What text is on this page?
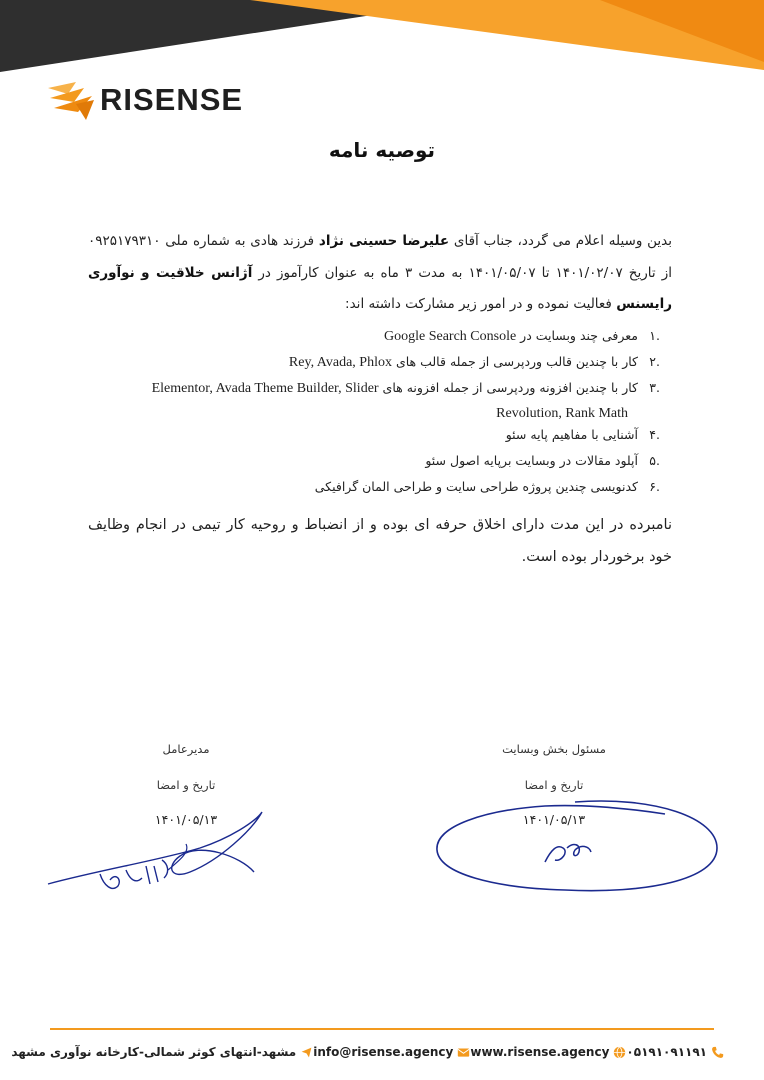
RISENSE
توصیه نامه
بدین وسیله اعلام می گردد، جناب آقای علیرضا حسینی نژاد فرزند هادی به شماره ملی ۰۹۲۵۱۷۹۳۱۰ از تاریخ ۱۴۰۱/۰۲/۰۷ تا ۱۴۰۱/۰۵/۰۷ به مدت ۳ ماه به عنوان کارآموز در آژانس خلاقیت و نوآوری رایسنس فعالیت نموده و در امور زیر مشارکت داشته اند:
.۱
معرفی چند وبسایت در Google Search Console
.۲
کار با چندین قالب وردپرسی از جمله قالب های Rey, Avada, Phlox
.۳
کار با چندین افزونه وردپرسی از جمله افزونه های Elementor, Avada Theme Builder, Slider
Revolution, Rank Math
.۴
آشنایی با مفاهیم پایه سئو
.۵
آپلود مقالات در وبسایت برپایه اصول سئو
.۶
کدنویسی چندین پروژه طراحی سایت و طراحی المان گرافیکی
نامبرده در این مدت دارای اخلاق حرفه ای بوده و از انضباط و روحیه کار تیمی در انجام وظایف خود برخوردار بوده است.
مدیرعامل
تاریخ و امضا
۱۴۰۱/۰۵/۱۳
مسئول بخش وبسایت
تاریخ و امضا
۱۴۰۱/۰۵/۱۳
۰۵۱۹۱۰۹۱۱۹۱
www.risense.agency
info@risense.agency
مشهد-انتهای کوثر شمالی-کارخانه نوآوری مشهد
